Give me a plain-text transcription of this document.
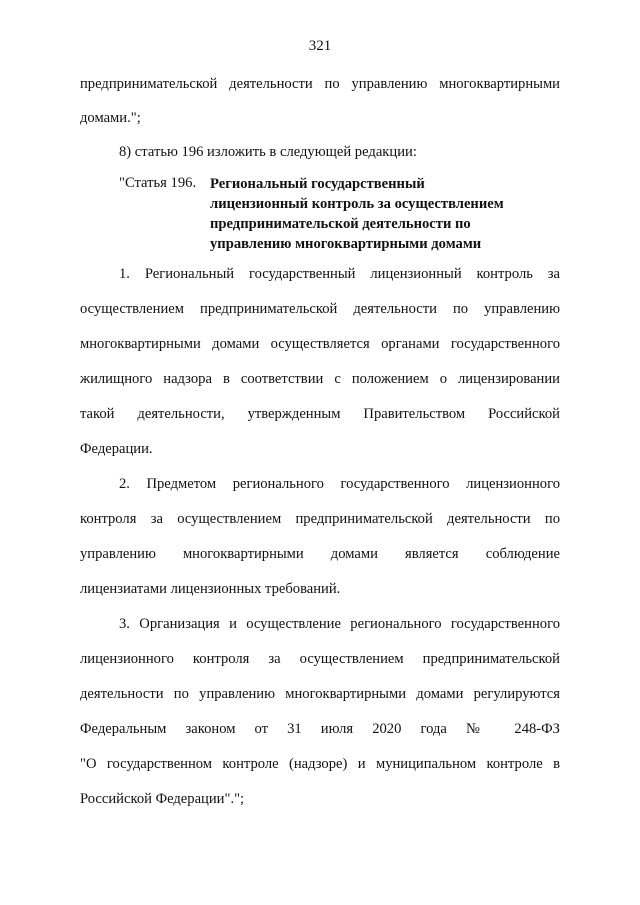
321
предпринимательской деятельности по управлению многоквартирными
домами.";
8) статью 196 изложить в следующей редакции:
"Статья 196. Региональный государственный
лицензионный контроль за осуществлением
предпринимательской деятельности по
управлению многоквартирными домами
1. Региональный государственный лицензионный контроль за
осуществлением предпринимательской деятельности по управлению
многоквартирными домами осуществляется органами государственного
жилищного надзора в соответствии с положением о лицензировании
такой деятельности, утвержденным Правительством Российской
Федерации.
2. Предметом регионального государственного лицензионного
контроля за осуществлением предпринимательской деятельности по
управлению многоквартирными домами является соблюдение
лицензиатами лицензионных требований.
3. Организация и осуществление регионального государственного
лицензионного контроля за осуществлением предпринимательской
деятельности по управлению многоквартирными домами регулируются
Федеральным законом от 31 июля 2020 года № 248-ФЗ
"О государственном контроле (надзоре) и муниципальном контроле в
Российской Федерации".";
